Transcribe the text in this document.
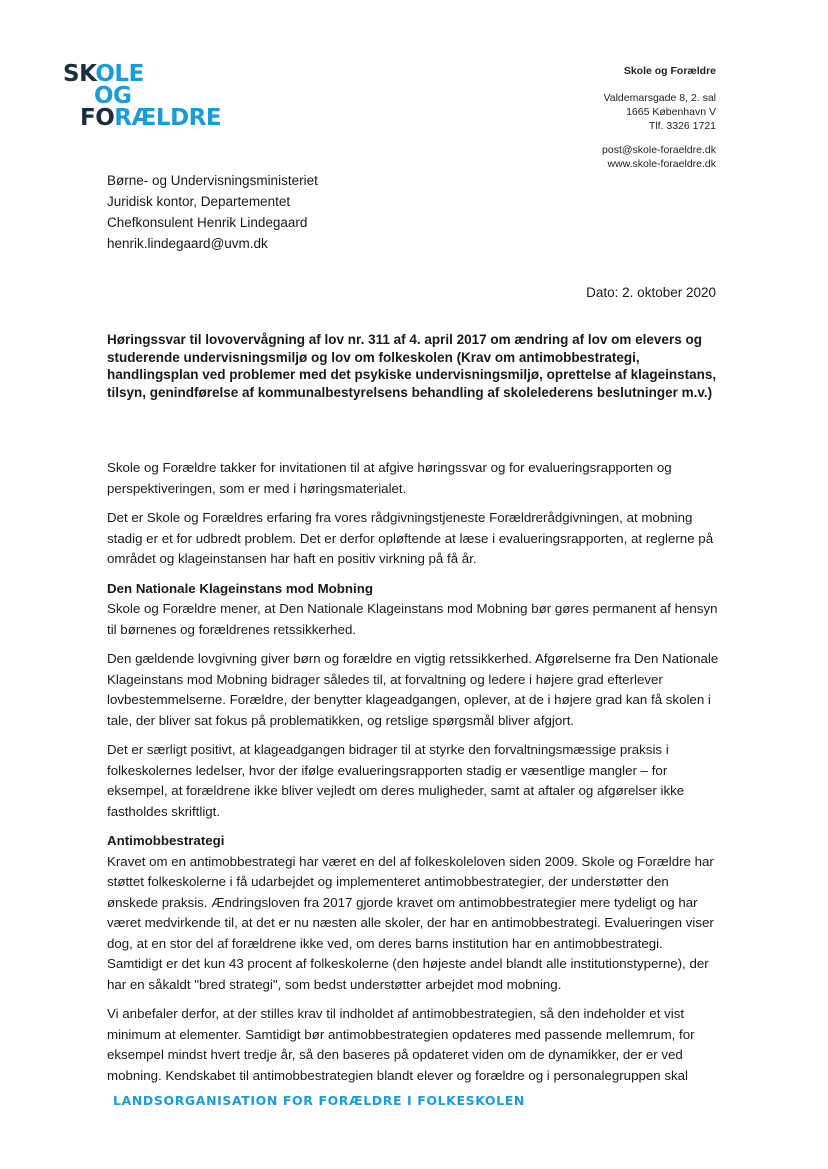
SKOLE
OG
FORÆLDRE
Skole og Forældre
Valdemarsgade 8, 2. sal
1665 København V
Tlf. 3326 1721
post@skole-foraeldre.dk
www.skole-foraeldre.dk
Børne- og Undervisningsministeriet
Juridisk kontor, Departementet
Chefkonsulent Henrik Lindegaard
henrik.lindegaard@uvm.dk
Dato: 2. oktober 2020
Høringssvar til lovovervågning af lov nr. 311 af 4. april 2017 om ændring af lov om elevers og studerende undervisningsmiljø og lov om folkeskolen (Krav om antimobbestrategi, handlingsplan ved problemer med det psykiske undervisningsmiljø, oprettelse af klageinstans, tilsyn, genindførelse af kommunalbestyrelsens behandling af skolelederens beslutninger m.v.)

Skole og Forældre takker for invitationen til at afgive høringssvar og for evalueringsrapporten og perspektiveringen, som er med i høringsmaterialet.

Det er Skole og Forældres erfaring fra vores rådgivningstjeneste Forældrerådgivningen, at mobning stadig er et for udbredt problem. Det er derfor opløftende at læse i evalueringsrapporten, at reglerne på området og klageinstansen har haft en positiv virkning på få år.

Den Nationale Klageinstans mod Mobning

Skole og Forældre mener, at Den Nationale Klageinstans mod Mobning bør gøres permanent af hensyn til børnenes og forældrenes retssikkerhed.

Den gældende lovgivning giver børn og forældre en vigtig retssikkerhed. Afgørelserne fra Den Nationale Klageinstans mod Mobning bidrager således til, at forvaltning og ledere i højere grad efterlever lovbestemmelserne. Forældre, der benytter klageadgangen, oplever, at de i højere grad kan få skolen i tale, der bliver sat fokus på problematikken, og retslige spørgsmål bliver afgjort.

Det er særligt positivt, at klageadgangen bidrager til at styrke den forvaltningsmæssige praksis i folkeskolernes ledelser, hvor der ifølge evalueringsrapporten stadig er væsentlige mangler – for eksempel, at forældrene ikke bliver vejledt om deres muligheder, samt at aftaler og afgørelser ikke fastholdes skriftligt.

Antimobbestrategi

Kravet om en antimobbestrategi har været en del af folkeskoleloven siden 2009. Skole og Forældre har støttet folkeskolerne i få udarbejdet og implementeret antimobbestrategier, der understøtter den ønskede praksis. Ændringsloven fra 2017 gjorde kravet om antimobbestrategier mere tydeligt og har været medvirkende til, at det er nu næsten alle skoler, der har en antimobbestrategi. Evalueringen viser dog, at en stor del af forældrene ikke ved, om deres barns institution har en antimobbestrategi. Samtidigt er det kun 43 procent af folkeskolerne (den højeste andel blandt alle institutionstyperne), der har en såkaldt "bred strategi", som bedst understøtter arbejdet mod mobning.

Vi anbefaler derfor, at der stilles krav til indholdet af antimobbestrategien, så den indeholder et vist minimum at elementer. Samtidigt bør antimobbestrategien opdateres med passende mellemrum, for eksempel mindst hvert tredje år, så den baseres på opdateret viden om de dynamikker, der er ved mobning. Kendskabet til antimobbestrategien blandt elever og forældre og i personalegruppen skal

LANDSORGANISATION FOR FORÆLDRE I FOLKESKOLEN
